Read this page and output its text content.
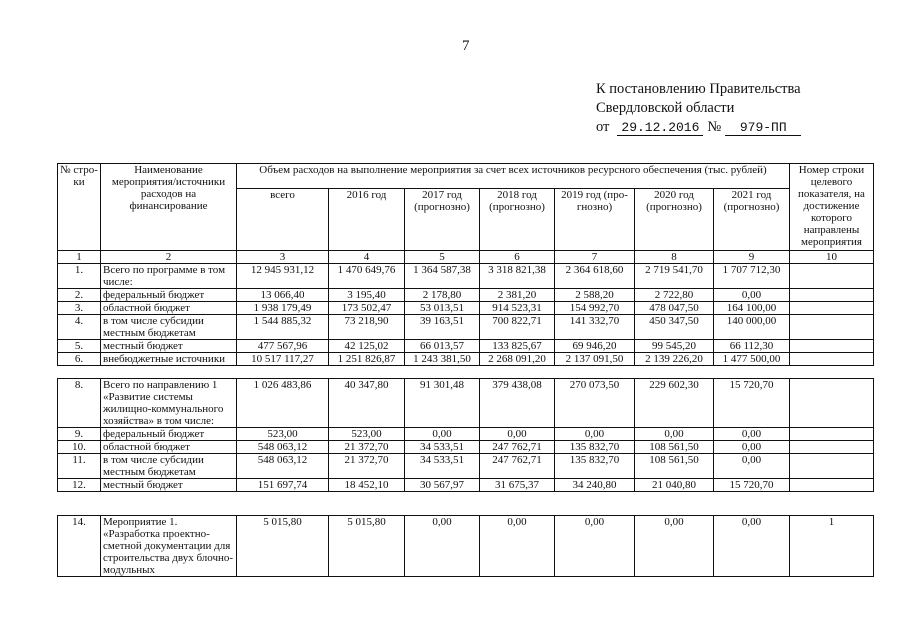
7
К постановлению Правительства
Свердловской области
от 29.12.2016 № 979-ПП
№ стро-ки	Наименование мероприятия/источники расходов на финансирование	Объем расходов на выполнение мероприятия за счет всех источников ресурсного обеспечения (тыс. рублей)							Номер строки целевого показателя, на достижение которого направлены мероприятия
		всего	2016 год	2017 год (прогнозно)	2018 год (прогнозно)	2019 год (про-гнозно)	2020 год (прогнозно)	2021 год (прогнозно)	
1	2	3	4	5	6	7	8	9	10
1.	Всего по программе в том числе:	12 945 931,12	1 470 649,76	1 364 587,38	3 318 821,38	2 364 618,60	2 719 541,70	1 707 712,30	
2.	федеральный бюджет	13 066,40	3 195,40	2 178,80	2 381,20	2 588,20	2 722,80	0,00	
3.	областной бюджет	1 938 179,49	173 502,47	53 013,51	914 523,31	154 992,70	478 047,50	164 100,00	
4.	в том числе субсидии местным бюджетам	1 544 885,32	73 218,90	39 163,51	700 822,71	141 332,70	450 347,50	140 000,00	
5.	местный бюджет	477 567,96	42 125,02	66 013,57	133 825,67	69 946,20	99 545,20	66 112,30	
6.	внебюджетные источники	10 517 117,27	1 251 826,87	1 243 381,50	2 268 091,20	2 137 091,50	2 139 226,20	1 477 500,00	
8.	Всего по направлению 1 «Развитие системы жилищно-коммунального хозяйства» в том числе:	1 026 483,86	40 347,80	91 301,48	379 438,08	270 073,50	229 602,30	15 720,70	
9.	федеральный бюджет	523,00	523,00	0,00	0,00	0,00	0,00	0,00	
10.	областной бюджет	548 063,12	21 372,70	34 533,51	247 762,71	135 832,70	108 561,50	0,00	
11.	в том числе субсидии местным бюджетам	548 063,12	21 372,70	34 533,51	247 762,71	135 832,70	108 561,50	0,00	
12.	местный бюджет	151 697,74	18 452,10	30 567,97	31 675,37	34 240,80	21 040,80	15 720,70	
14.	Мероприятие 1. «Разработка проектно-сметной документации для строительства двух блочно-модульных	5 015,80	5 015,80	0,00	0,00	0,00	0,00	0,00	1
